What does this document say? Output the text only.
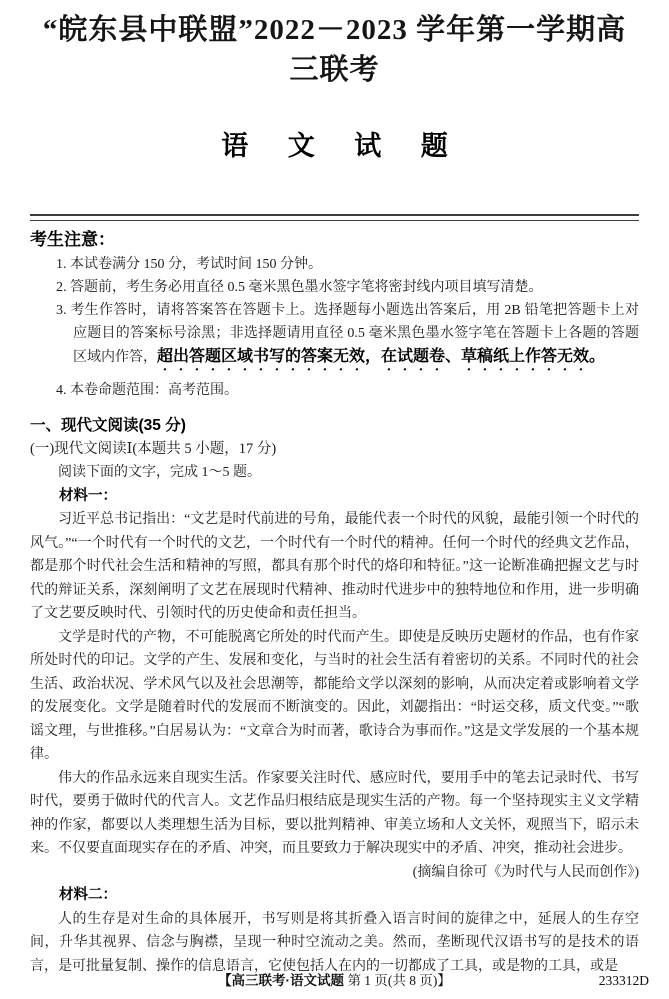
“皖东县中联盟”2022－2023 学年第一学期高三联考
语 文 试 题
考生注意：
1. 本试卷满分 150 分，考试时间 150 分钟。
2. 答题前，考生务必用直径 0.5 毫米黑色墨水签字笔将密封线内项目填写清楚。
3. 考生作答时，请将答案答在答题卡上。选择题每小题选出答案后，用 2B 铅笔把答题卡上对应题目的答案标号涂黑；非选择题请用直径 0.5 毫米黑色墨水签字笔在答题卡上各题的答题区域内作答，超出答题区域书写的答案无效，在试题卷、草稿纸上作答无效。
4. 本卷命题范围：高考范围。
一、现代文阅读(35 分)
(一)现代文阅读Ⅰ(本题共 5 小题，17 分)
阅读下面的文字，完成 1～5 题。
材料一：

习近平总书记指出：“文艺是时代前进的号角，最能代表一个时代的风貌，最能引领一个时代的风气。”“一个时代有一个时代的文艺，一个时代有一个时代的精神。任何一个时代的经典文艺作品，都是那个时代社会生活和精神的写照，都具有那个时代的烙印和特征。”这一论断准确把握文艺与时代的辩证关系，深刻阐明了文艺在展现时代精神、推动时代进步中的独特地位和作用，进一步明确了文艺要反映时代、引领时代的历史使命和责任担当。

文学是时代的产物，不可能脱离它所处的时代而产生。即使是反映历史题材的作品，也有作家所处时代的印记。文学的产生、发展和变化，与当时的社会生活有着密切的关系。不同时代的社会生活、政治状况、学术风气以及社会思潮等，都能给文学以深刻的影响，从而决定着或影响着文学的发展变化。文学是随着时代的发展而不断演变的。因此，刘勰指出：“时运交移，质文代变。”“歌谣文理，与世推移。”白居易认为：“文章合为时而著，歌诗合为事而作。”这是文学发展的一个基本规律。

伟大的作品永远来自现实生活。作家要关注时代、感应时代，要用手中的笔去记录时代、书写时代，要勇于做时代的代言人。文艺作品归根结底是现实生活的产物。每一个坚持现实主义文学精神的作家，都要以人类理想生活为目标，要以批判精神、审美立场和人文关怀，观照当下，昭示未来。不仅要直面现实存在的矛盾、冲突，而且要致力于解决现实中的矛盾、冲突，推动社会进步。

(摘编自徐可《为时代与人民而创作》)
材料二：

人的生存是对生命的具体展开，书写则是将其折叠入语言时间的旋律之中，延展人的生存空间，升华其视界、信念与胸襟，呈现一种时空流动之美。然而，垄断现代汉语书写的是技术的语言，是可批量复制、操作的信息语言，它使包括人在内的一切都成了工具，或是物的工具，或是

【高三联考·语文试题 第 1 页(共 8 页)】	233312D
